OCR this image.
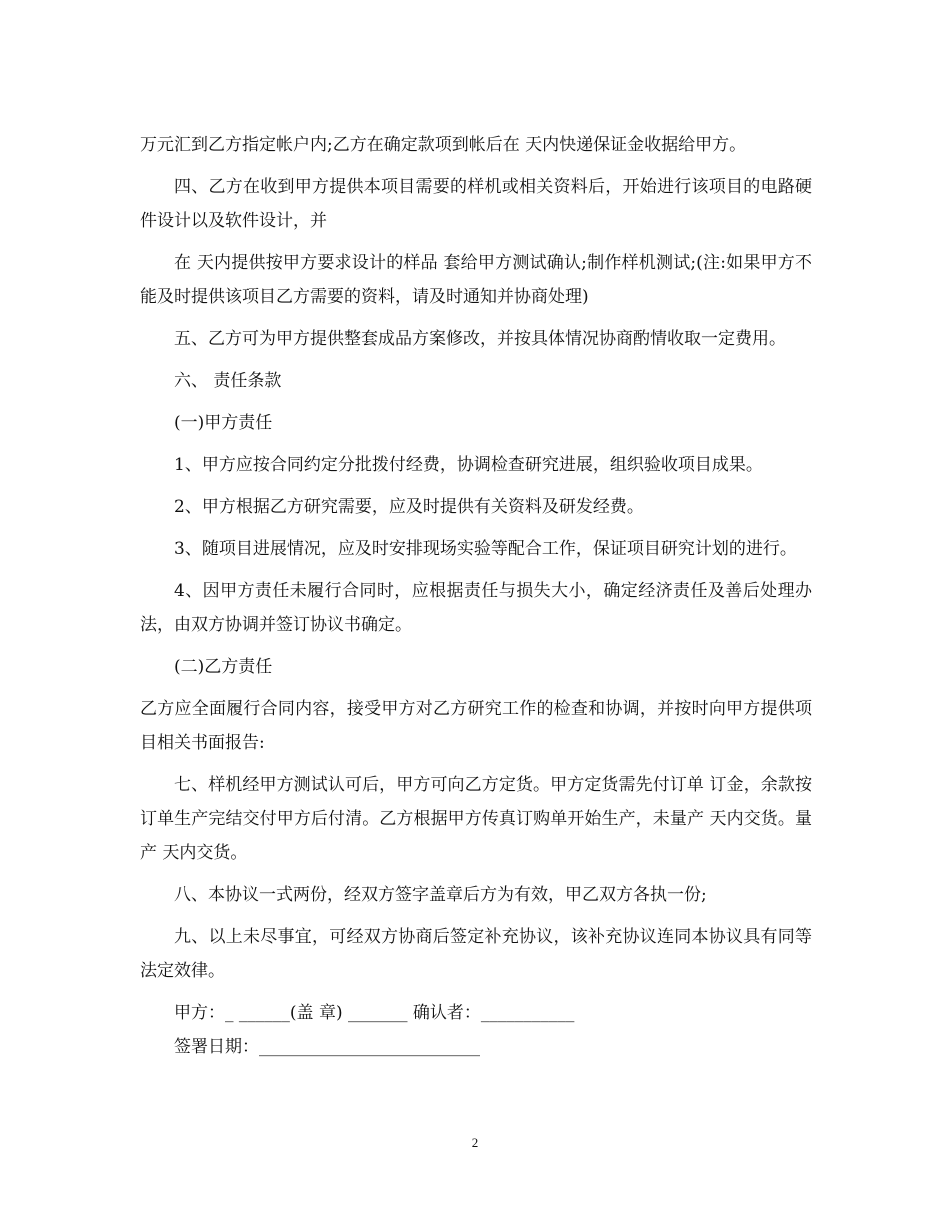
万元汇到乙方指定帐户内;乙方在确定款项到帐后在 天内快递保证金收据给甲方。

四、乙方在收到甲方提供本项目需要的样机或相关资料后，开始进行该项目的电路硬件设计以及软件设计，并

在 天内提供按甲方要求设计的样品 套给甲方测试确认;制作样机测试;(注:如果甲方不能及时提供该项目乙方需要的资料，请及时通知并协商处理)

五、乙方可为甲方提供整套成品方案修改，并按具体情况协商酌情收取一定费用。

六、 责任条款

(一)甲方责任

1、甲方应按合同约定分批拨付经费，协调检查研究进展，组织验收项目成果。

2、甲方根据乙方研究需要，应及时提供有关资料及研发经费。

3、随项目进展情况，应及时安排现场实验等配合工作，保证项目研究计划的进行。

4、因甲方责任未履行合同时，应根据责任与损失大小，确定经济责任及善后处理办法，由双方协调并签订协议书确定。

(二)乙方责任

乙方应全面履行合同内容，接受甲方对乙方研究工作的检查和协调，并按时向甲方提供项目相关书面报告:

七、样机经甲方测试认可后，甲方可向乙方定货。甲方定货需先付订单 订金，余款按订单生产完结交付甲方后付清。乙方根据甲方传真订购单开始生产，未量产 天内交货。量产 天内交货。

八、本协议一式两份，经双方签字盖章后方为有效，甲乙双方各执一份;

九、以上未尽事宜，可经双方协商后签定补充协议，该补充协议连同本协议具有同等法定效律。

甲方：_ ______(盖 章) _______ 确认者：___________

签署日期：__________________________

2
